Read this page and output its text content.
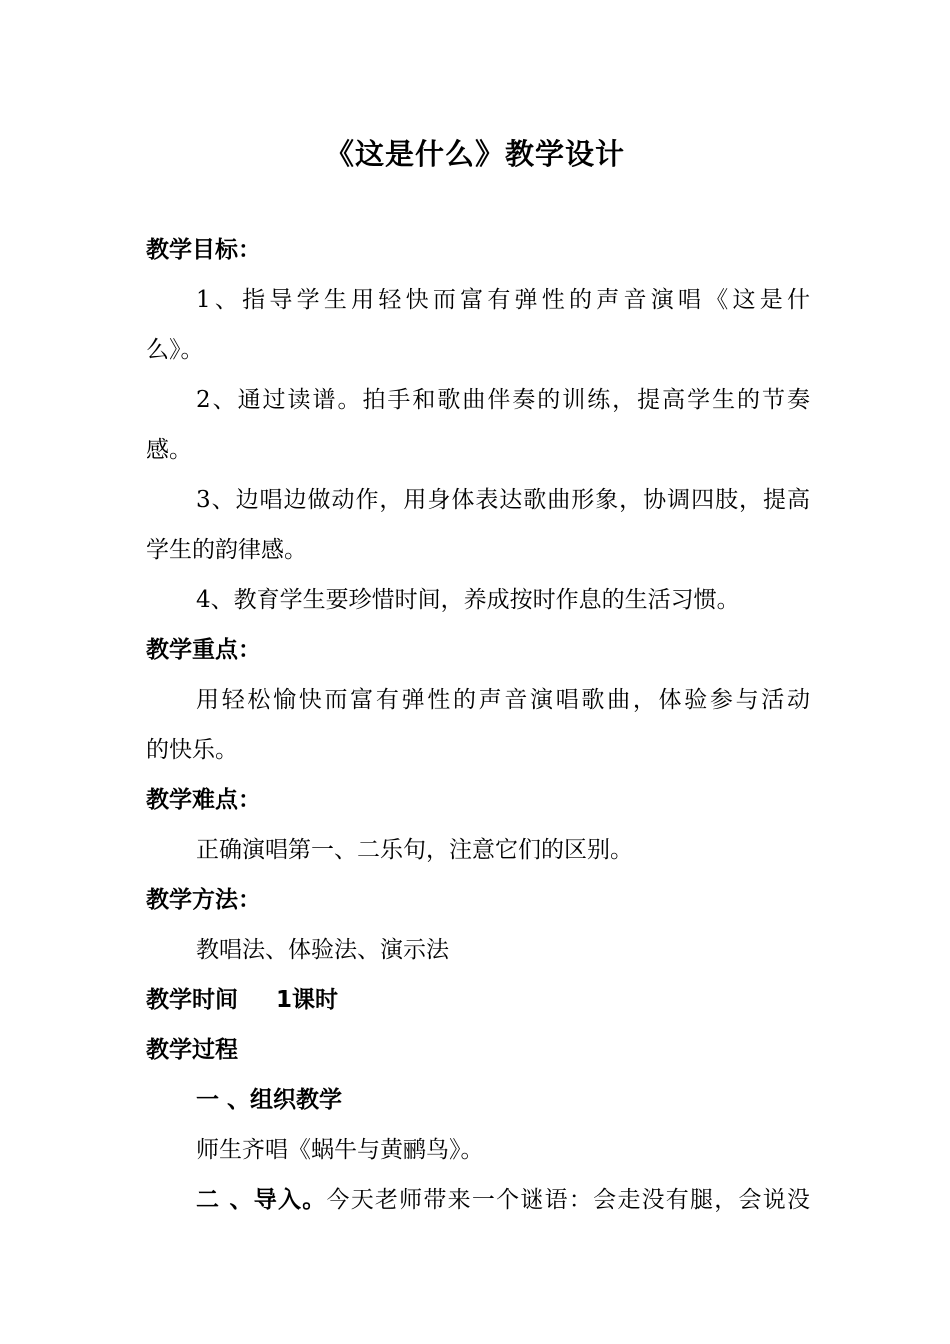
《这是什么》教学设计
教学目标：
1、指导学生用轻快而富有弹性的声音演唱《这是什
么》。
2、通过读谱。拍手和歌曲伴奏的训练，提高学生的节奏
感。
3、边唱边做动作，用身体表达歌曲形象，协调四肢，提高
学生的韵律感。
4、教育学生要珍惜时间，养成按时作息的生活习惯。
教学重点：
用轻松愉快而富有弹性的声音演唱歌曲，体验参与活动
的快乐。
教学难点：
正确演唱第一、二乐句，注意它们的区别。
教学方法：
教唱法、体验法、演示法
教学时间 1课时
教学过程
一 、组织教学
师生齐唱《蜗牛与黄鹂鸟》。
二 、导入。今天老师带来一个谜语：会走没有腿，会说没
